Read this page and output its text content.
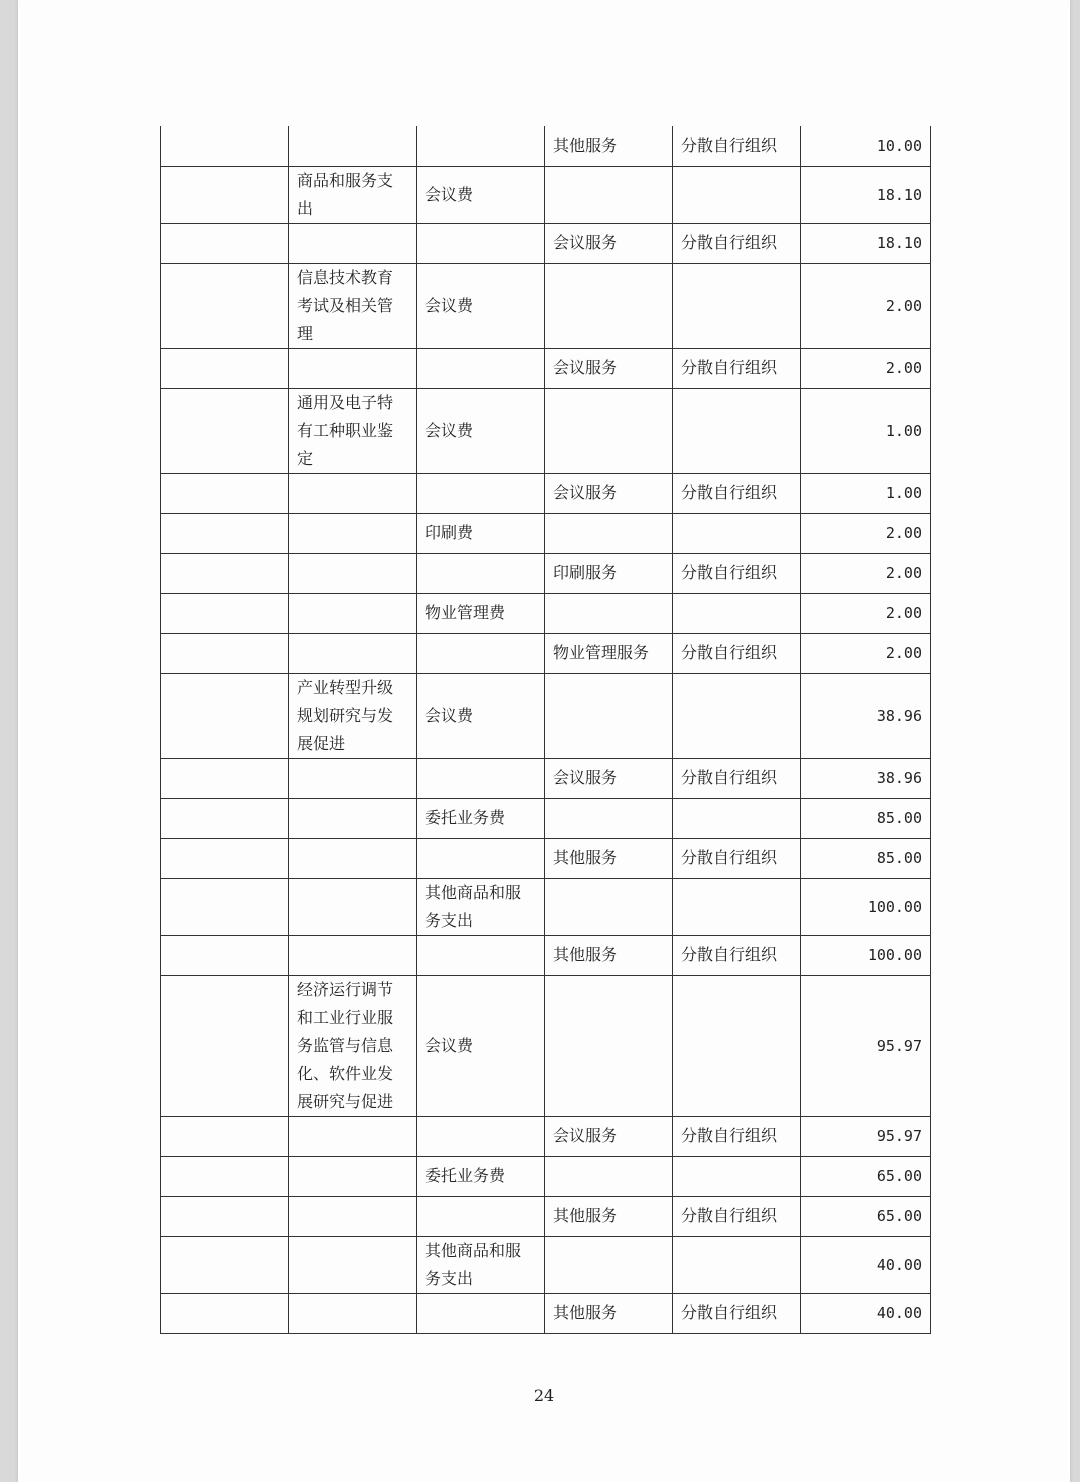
			其他服务	分散自行组织	10.00
	商品和服务支出	会议费			18.10
			会议服务	分散自行组织	18.10
	信息技术教育考试及相关管理	会议费			2.00
			会议服务	分散自行组织	2.00
	通用及电子特有工种职业鉴定	会议费			1.00
			会议服务	分散自行组织	1.00
		印刷费			2.00
			印刷服务	分散自行组织	2.00
		物业管理费			2.00
			物业管理服务	分散自行组织	2.00
	产业转型升级规划研究与发展促进	会议费			38.96
			会议服务	分散自行组织	38.96
		委托业务费			85.00
			其他服务	分散自行组织	85.00
		其他商品和服务支出			100.00
			其他服务	分散自行组织	100.00
	经济运行调节和工业行业服务监管与信息化、软件业发展研究与促进	会议费			95.97
			会议服务	分散自行组织	95.97
		委托业务费			65.00
			其他服务	分散自行组织	65.00
		其他商品和服务支出			40.00
			其他服务	分散自行组织	40.00
24
